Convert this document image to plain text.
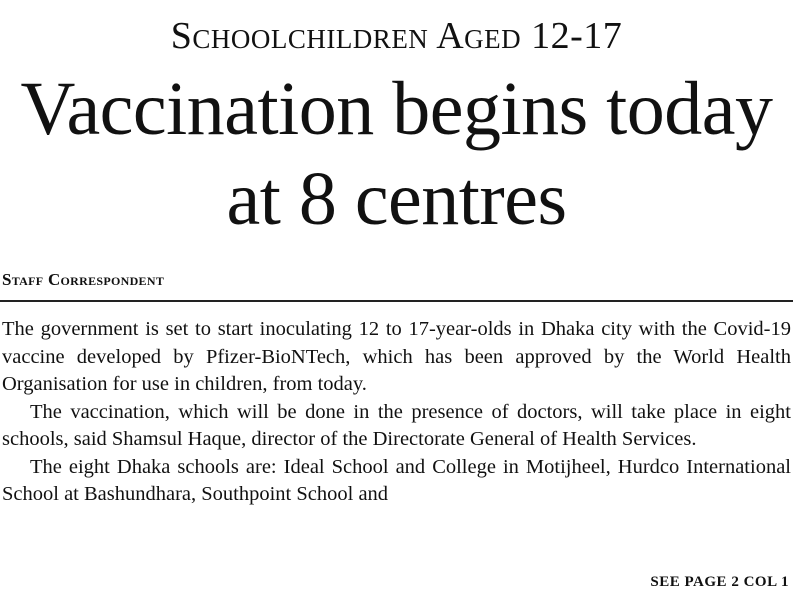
Schoolchildren Aged 12-17
Vaccination begins today at 8 centres
Staff Correspondent

The government is set to start inoculating 12 to 17-year-olds in Dhaka city with the Covid-19 vaccine developed by Pfizer-BioNTech, which has been approved by the World Health Organisation for use in children, from today.

The vaccination, which will be done in the presence of doctors, will take place in eight schools, said Shamsul Haque, director of the Directorate General of Health Services.

The eight Dhaka schools are: Ideal School and College in Motijheel, Hurdco International School at Bashundhara, Southpoint School and

SEE PAGE 2 COL 1
